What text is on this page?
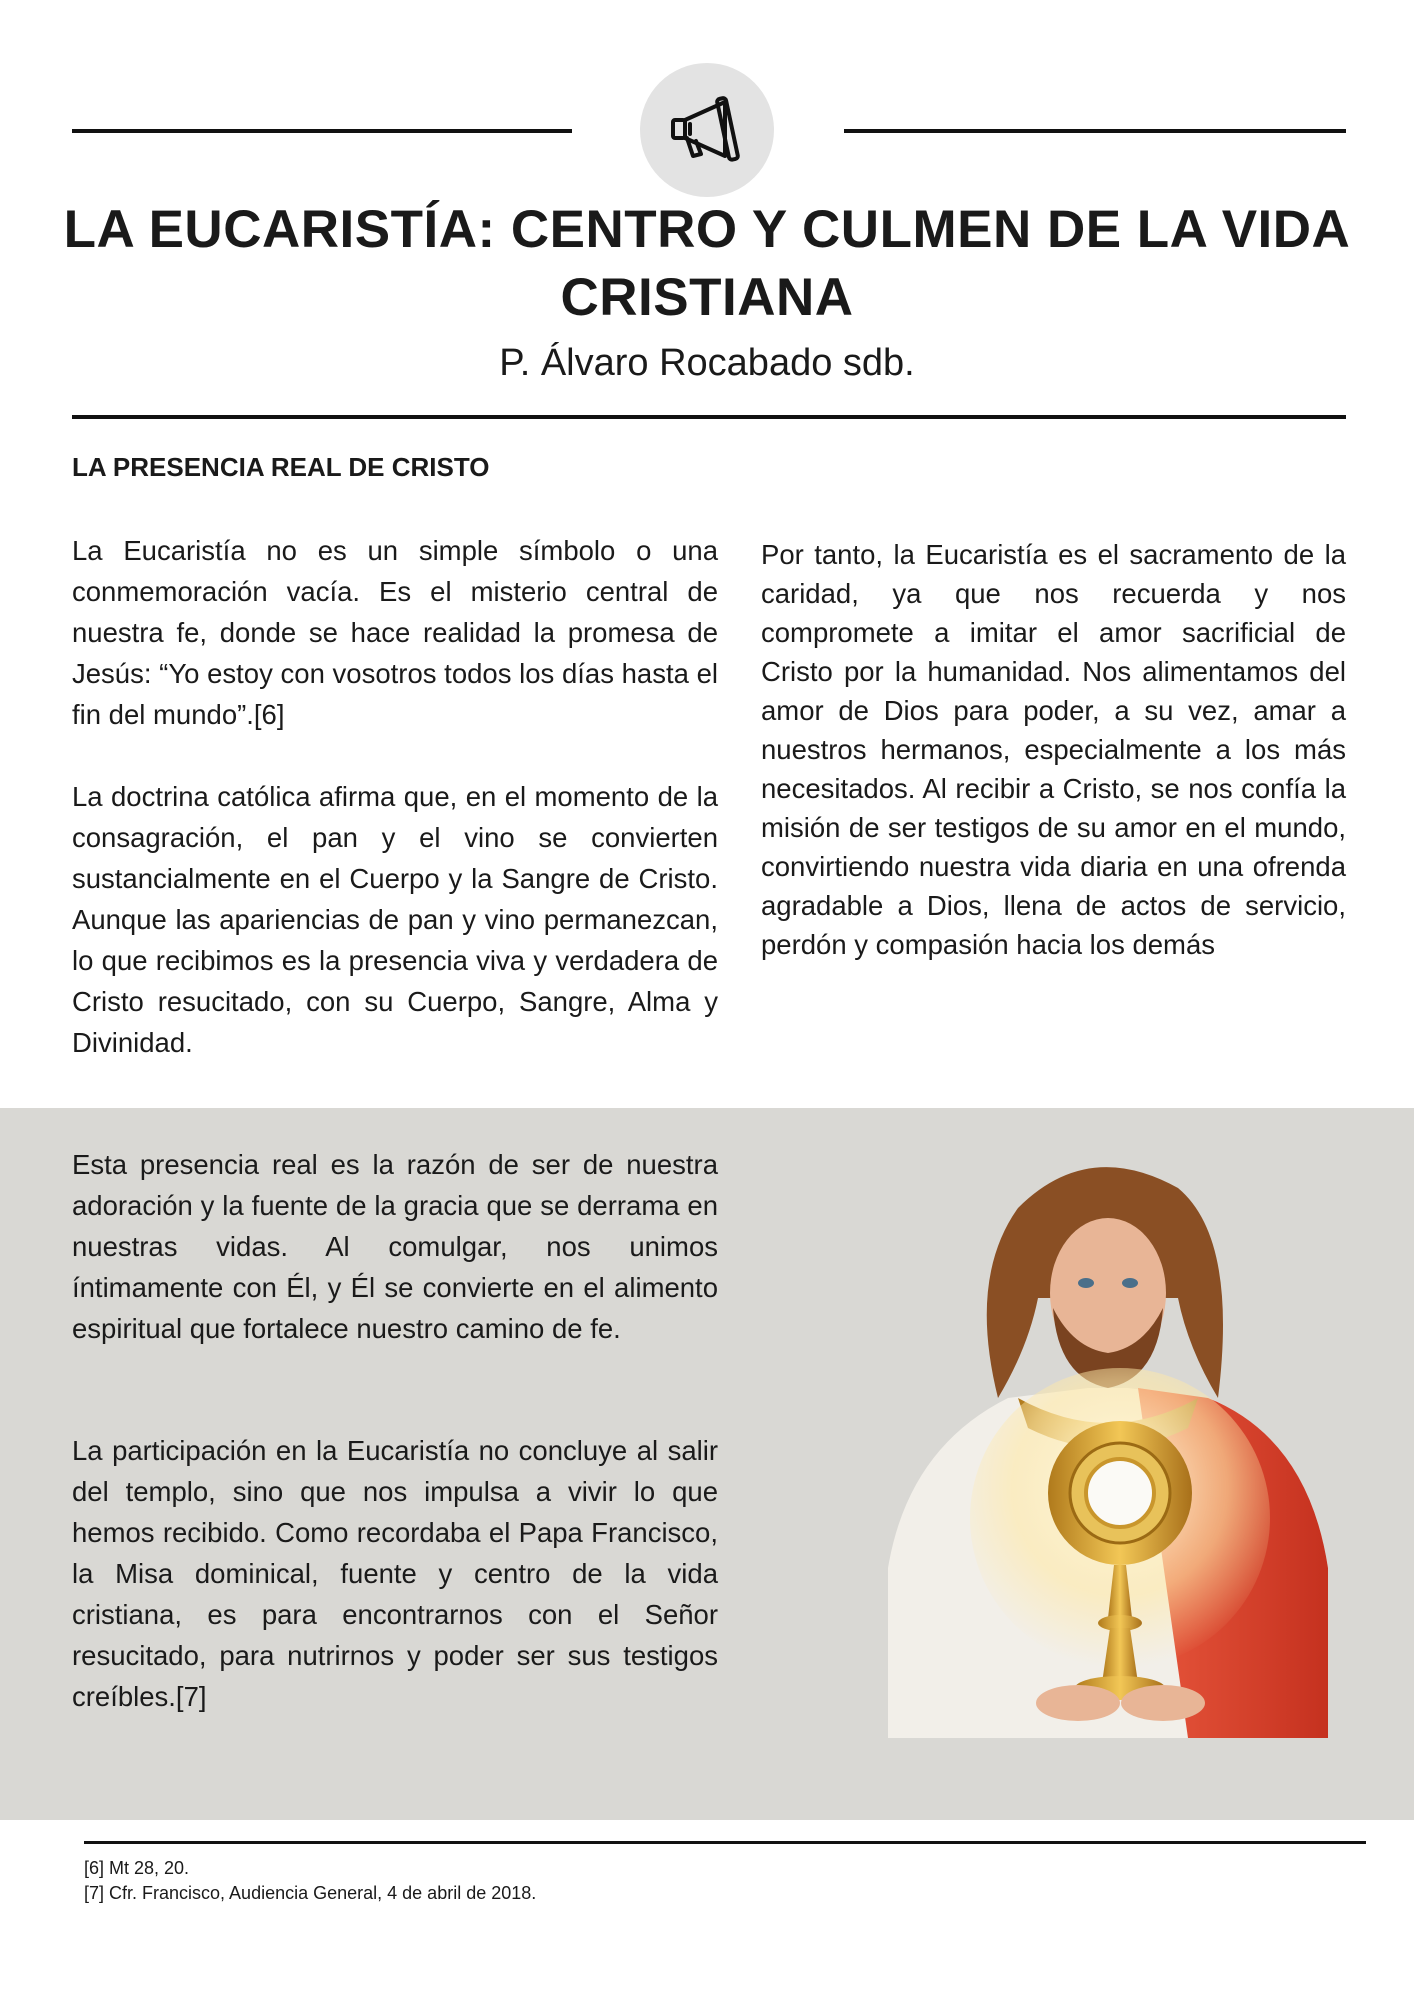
LA EUCARISTÍA: CENTRO Y CULMEN DE LA VIDA CRISTIANA

P. Álvaro Rocabado sdb.

LA PRESENCIA REAL DE CRISTO

La Eucaristía no es un simple símbolo o una conmemoración vacía. Es el misterio central de nuestra fe, donde se hace realidad la promesa de Jesús: “Yo estoy con vosotros todos los días hasta el fin del mundo”.[6]

La doctrina católica afirma que, en el momento de la consagración, el pan y el vino se convierten sustancialmente en el Cuerpo y la Sangre de Cristo. Aunque las apariencias de pan y vino permanezcan, lo que recibimos es la presencia viva y verdadera de Cristo resucitado, con su Cuerpo, Sangre, Alma y Divinidad.

Esta presencia real es la razón de ser de nuestra adoración y la fuente de la gracia que se derrama en nuestras vidas. Al comulgar, nos unimos íntimamente con Él, y Él se convierte en el alimento espiritual que fortalece nuestro camino de fe.

La participación en la Eucaristía no concluye al salir del templo, sino que nos impulsa a vivir lo que hemos recibido. Como recordaba el Papa Francisco, la Misa dominical, fuente y centro de la vida cristiana, es para encontrarnos con el Señor resucitado, para nutrirnos y poder ser sus testigos creíbles.[7]

Por tanto, la Eucaristía es el sacramento de la caridad, ya que nos recuerda y nos compromete a imitar el amor sacrificial de Cristo por la humanidad. Nos alimentamos del amor de Dios para poder, a su vez, amar a nuestros hermanos, especialmente a los más necesitados. Al recibir a Cristo, se nos confía la misión de ser testigos de su amor en el mundo, convirtiendo nuestra vida diaria en una ofrenda agradable a Dios, llena de actos de servicio, perdón y compasión hacia los demás

[6] Mt 28, 20.

[7] Cfr. Francisco, Audiencia General, 4 de abril de 2018.
